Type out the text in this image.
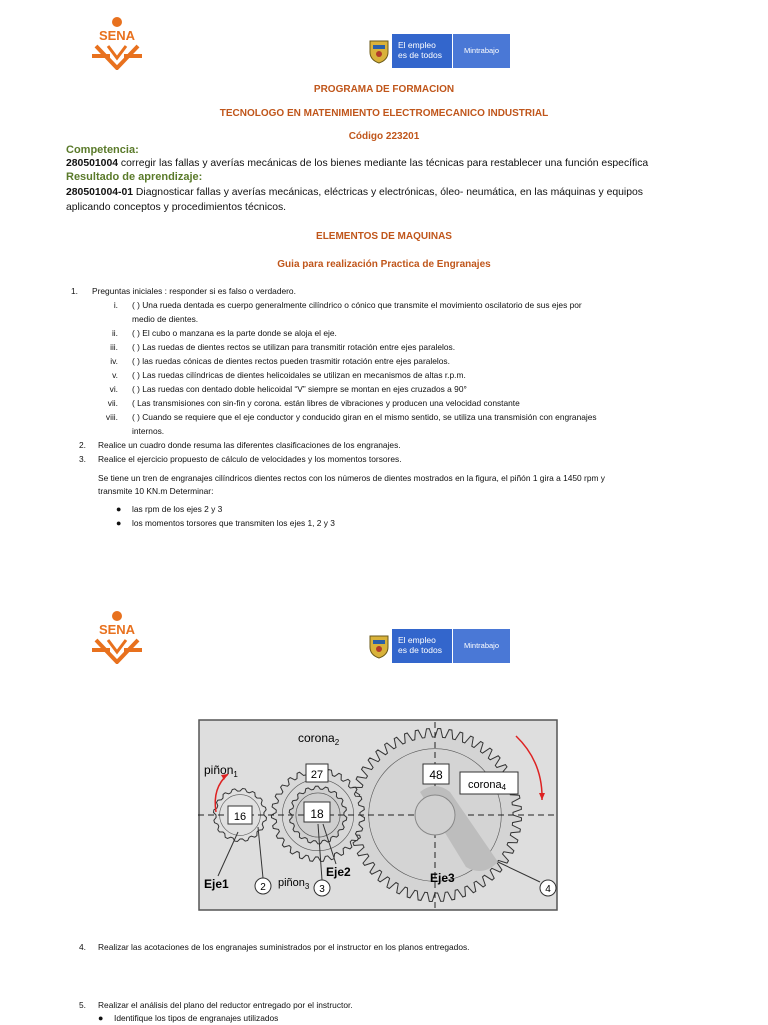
SENA
El empleo
es de todos	Mintrabajo
PROGRAMA DE FORMACION
TECNOLOGO EN MATENIMIENTO ELECTROMECANICO INDUSTRIAL
Código 223201
Competencia:
280501004 corregir las fallas y averías mecánicas de los bienes mediante las técnicas para restablecer una función específica
Resultado de aprendizaje:
280501004-01 Diagnosticar fallas y averías mecánicas, eléctricas y electrónicas, óleo- neumática, en las máquinas y equipos
aplicando conceptos y procedimientos técnicos.
ELEMENTOS DE MAQUINAS
Guia para realización Practica de Engranajes
1. Preguntas iniciales : responder si es falso o verdadero.
i. ( ) Una rueda dentada es cuerpo generalmente cilíndrico o cónico que transmite el movimiento oscilatorio de sus ejes por
medio de dientes.
ii. ( ) El cubo o manzana es la parte donde se aloja el eje.
iii. ( ) Las ruedas de dientes rectos se utilizan para transmitir rotación entre ejes paralelos.
iv. ( ) las ruedas cónicas de dientes rectos pueden trasmitir rotación entre ejes paralelos.
v. ( ) Las ruedas cilíndricas de dientes helicoidales se utilizan en mecanismos de altas r.p.m.
vi. ( ) Las ruedas con dentado doble helicoidal “V” siempre se montan en ejes cruzados a 90°
vii. ( Las transmisiones con sin-fin y corona. están libres de vibraciones y producen una velocidad constante
viii. ( ) Cuando se requiere que el eje conductor y conducido giran en el mismo sentido, se utiliza una transmisión con engranajes
internos.
2. Realice un cuadro donde resuma las diferentes clasificaciones de los engranajes.
3. Realice el ejercicio propuesto de cálculo de velocidades y los momentos torsores.
Se tiene un tren de engranajes cilíndricos dientes rectos con los números de dientes mostrados en la figura, el piñón 1 gira a 1450 rpm y
transmite 10 KN.m Determinar:
● las rpm de los ejes 2 y 3
● los momentos torsores que transmiten los ejes 1, 2 y 3
SENA
El empleo
es de todos	Mintrabajo
18
16
27	48
corona4
corona$_2$
piñon$_1$
Eje1
Eje2	Eje3
piñon$_3$
2	3	4
4. Realizar las acotaciones de los engranajes suministrados por el instructor en los planos entregados.
5. Realizar el análisis del plano del reductor entregado por el instructor.
● Identifique los tipos de engranajes utilizados
